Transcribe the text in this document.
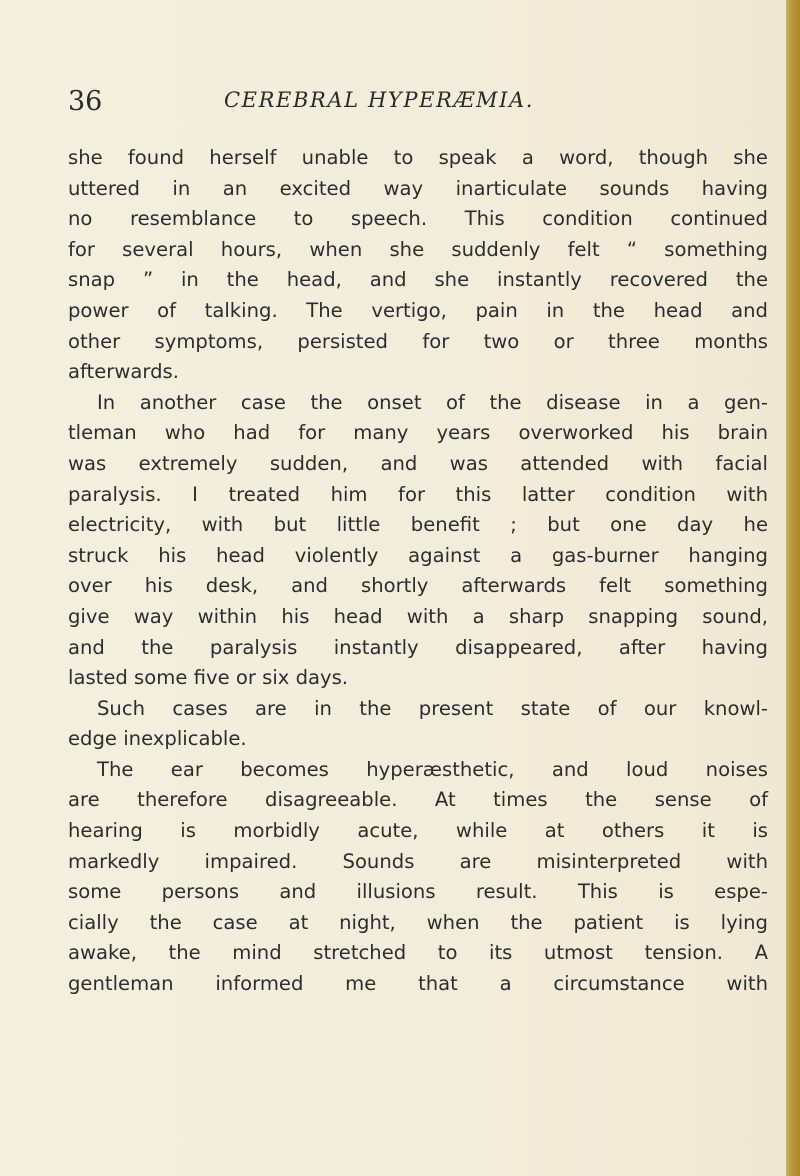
36	CEREBRAL HYPERÆMIA.
she found herself unable to speak a word, though she
uttered in an excited way inarticulate sounds having
no resemblance to speech. This condition continued
for several hours, when she suddenly felt “ something
snap ” in the head, and she instantly recovered the
power of talking. The vertigo, pain in the head and
other symptoms, persisted for two or three months
afterwards.
In another case the onset of the disease in a gen-
tleman who had for many years overworked his brain
was extremely sudden, and was attended with facial
paralysis. I treated him for this latter condition with
electricity, with but little benefit ; but one day he
struck his head violently against a gas-burner hanging
over his desk, and shortly afterwards felt something
give way within his head with a sharp snapping sound,
and the paralysis instantly disappeared, after having
lasted some five or six days.
Such cases are in the present state of our knowl-
edge inexplicable.
The ear becomes hyperæsthetic, and loud noises
are therefore disagreeable. At times the sense of
hearing is morbidly acute, while at others it is
markedly impaired. Sounds are misinterpreted with
some persons and illusions result. This is espe-
cially the case at night, when the patient is lying
awake, the mind stretched to its utmost tension. A
gentleman informed me that a circumstance with
